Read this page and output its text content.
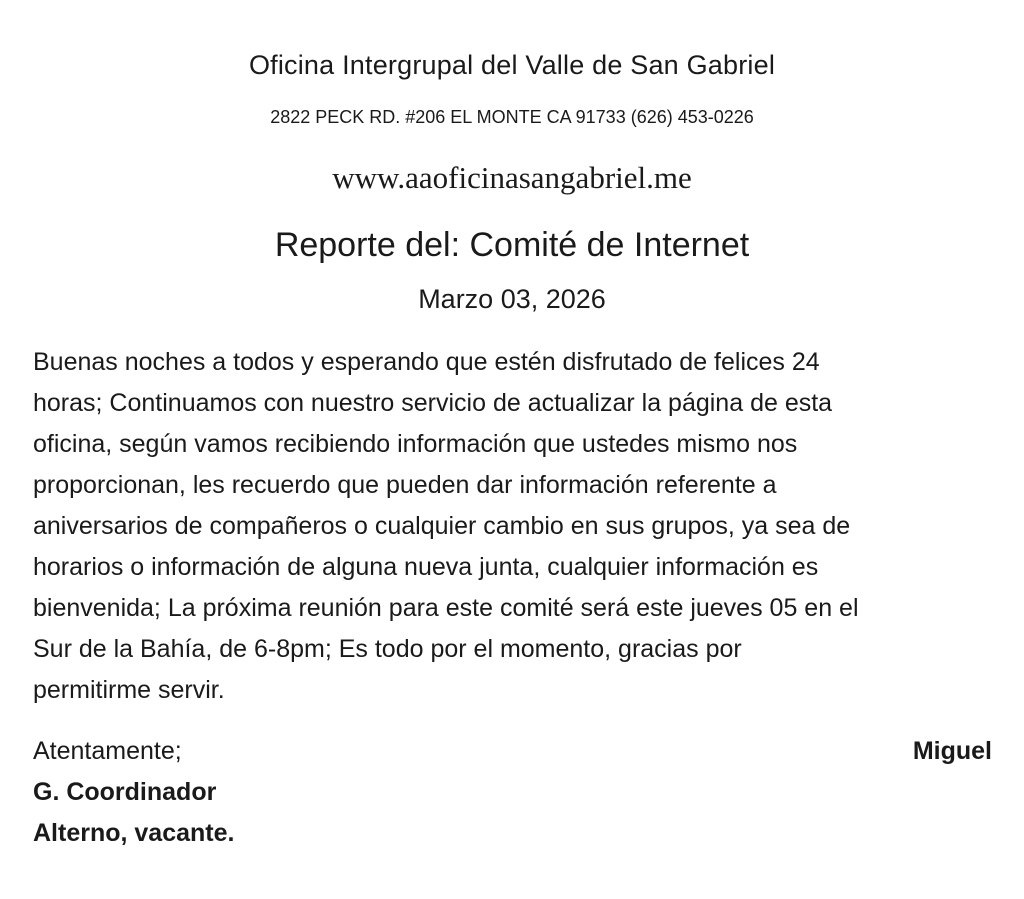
Oficina Intergrupal del Valle de San Gabriel
2822 PECK RD. #206 EL MONTE CA 91733 (626) 453-0226
www.aaoficinasangabriel.me
Reporte del: Comité de Internet
Marzo 03, 2026
Buenas noches a todos y esperando que estén disfrutado de felices 24
horas; Continuamos con nuestro servicio de actualizar la página de esta
oficina, según vamos recibiendo información que ustedes mismo nos
proporcionan, les recuerdo que pueden dar información referente a
aniversarios de compañeros o cualquier cambio en sus grupos, ya sea de
horarios o información de alguna nueva junta, cualquier información es
bienvenida; La próxima reunión para este comité será este jueves 05 en el
Sur de la Bahía, de 6-8pm; Es todo por el momento, gracias por
permitirme servir.
Atentamente;
G. Coordinador
Alterno, vacante.
Miguel
